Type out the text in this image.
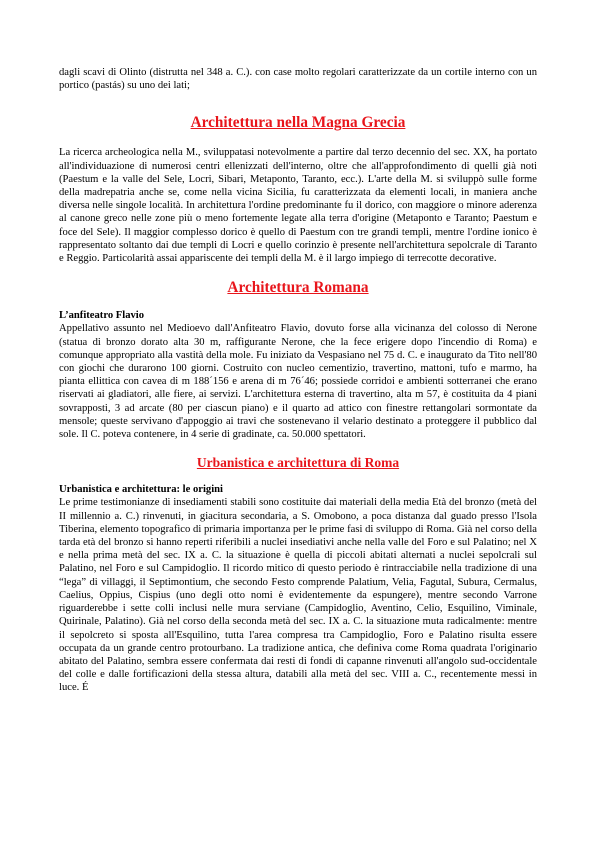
dagli scavi di Olinto (distrutta nel 348 a. C.). con case molto regolari caratterizzate da un cortile interno con un portico (pastás) su uno dei lati;

Architettura nella Magna Grecia

La ricerca archeologica nella M., sviluppatasi notevolmente a partire dal terzo decennio del sec. XX, ha portato all'individuazione di numerosi centri ellenizzati dell'interno, oltre che all'approfondimento di quelli già noti (Paestum e la valle del Sele, Locri, Sibari, Metaponto, Taranto, ecc.). L'arte della M. si sviluppò sulle forme della madrepatria anche se, come nella vicina Sicilia, fu caratterizzata da elementi locali, in maniera anche diversa nelle singole località. In architettura l'ordine predominante fu il dorico, con maggiore o minore aderenza al canone greco nelle zone più o meno fortemente legate alla terra d'origine (Metaponto e Taranto; Paestum e foce del Sele). Il maggior complesso dorico è quello di Paestum con tre grandi templi, mentre l'ordine ionico è rappresentato soltanto dai due templi di Locri e quello corinzio è presente nell'architettura sepolcrale di Taranto e Reggio. Particolarità assai appariscente dei templi della M. è il largo impiego di terrecotte decorative.

Architettura Romana

L’anfiteatro Flavio

Appellativo assunto nel Medioevo dall'Anfiteatro Flavio, dovuto forse alla vicinanza del colosso di Nerone (statua di bronzo dorato alta 30 m, raffigurante Nerone, che la fece erigere dopo l'incendio di Roma) e comunque appropriato alla vastità della mole. Fu iniziato da Vespasiano nel 75 d. C. e inaugurato da Tito nell'80 con giochi che durarono 100 giorni. Costruito con nucleo cementizio, travertino, mattoni, tufo e marmo, ha pianta ellittica con cavea di m 188´156 e arena di m 76´46; possiede corridoi e ambienti sotterranei che erano riservati ai gladiatori, alle fiere, ai servizi. L'architettura esterna di travertino, alta m 57, è costituita da 4 piani sovrapposti, 3 ad arcate (80 per ciascun piano) e il quarto ad attico con finestre rettangolari sormontate da mensole; queste servivano d'appoggio ai travi che sostenevano il velario destinato a proteggere il pubblico dal sole. Il C. poteva contenere, in 4 serie di gradinate, ca. 50.000 spettatori.

Urbanistica e architettura di Roma

Urbanistica e architettura: le origini

Le prime testimonianze di insediamenti stabili sono costituite dai materiali della media Età del bronzo (metà del II millennio a. C.) rinvenuti, in giacitura secondaria, a S. Omobono, a poca distanza dal guado presso l'Isola Tiberina, elemento topografico di primaria importanza per le prime fasi di sviluppo di Roma. Già nel corso della tarda età del bronzo si hanno reperti riferibili a nuclei insediativi anche nella valle del Foro e sul Palatino; nel X e nella prima metà del sec. IX a. C. la situazione è quella di piccoli abitati alternati a nuclei sepolcrali sul Palatino, nel Foro e sul Campidoglio. Il ricordo mitico di questo periodo è rintracciabile nella tradizione di una “lega” di villaggi, il Septimontium, che secondo Festo comprende Palatium, Velia, Fagutal, Subura, Cermalus, Caelius, Oppius, Cispius (uno degli otto nomi è evidentemente da espungere), mentre secondo Varrone riguarderebbe i sette colli inclusi nelle mura serviane (Campidoglio, Aventino, Celio, Esquilino, Viminale, Quirinale, Palatino). Già nel corso della seconda metà del sec. IX a. C. la situazione muta radicalmente: mentre il sepolcreto si sposta all'Esquilino, tutta l'area compresa tra Campidoglio, Foro e Palatino risulta essere occupata da un grande centro protourbano. La tradizione antica, che definiva come Roma quadrata l'originario abitato del Palatino, sembra essere confermata dai resti di fondi di capanne rinvenuti all'angolo sud-occidentale del colle e dalle fortificazioni della stessa altura, databili alla metà del sec. VIII a. C., recentemente messi in luce. É
